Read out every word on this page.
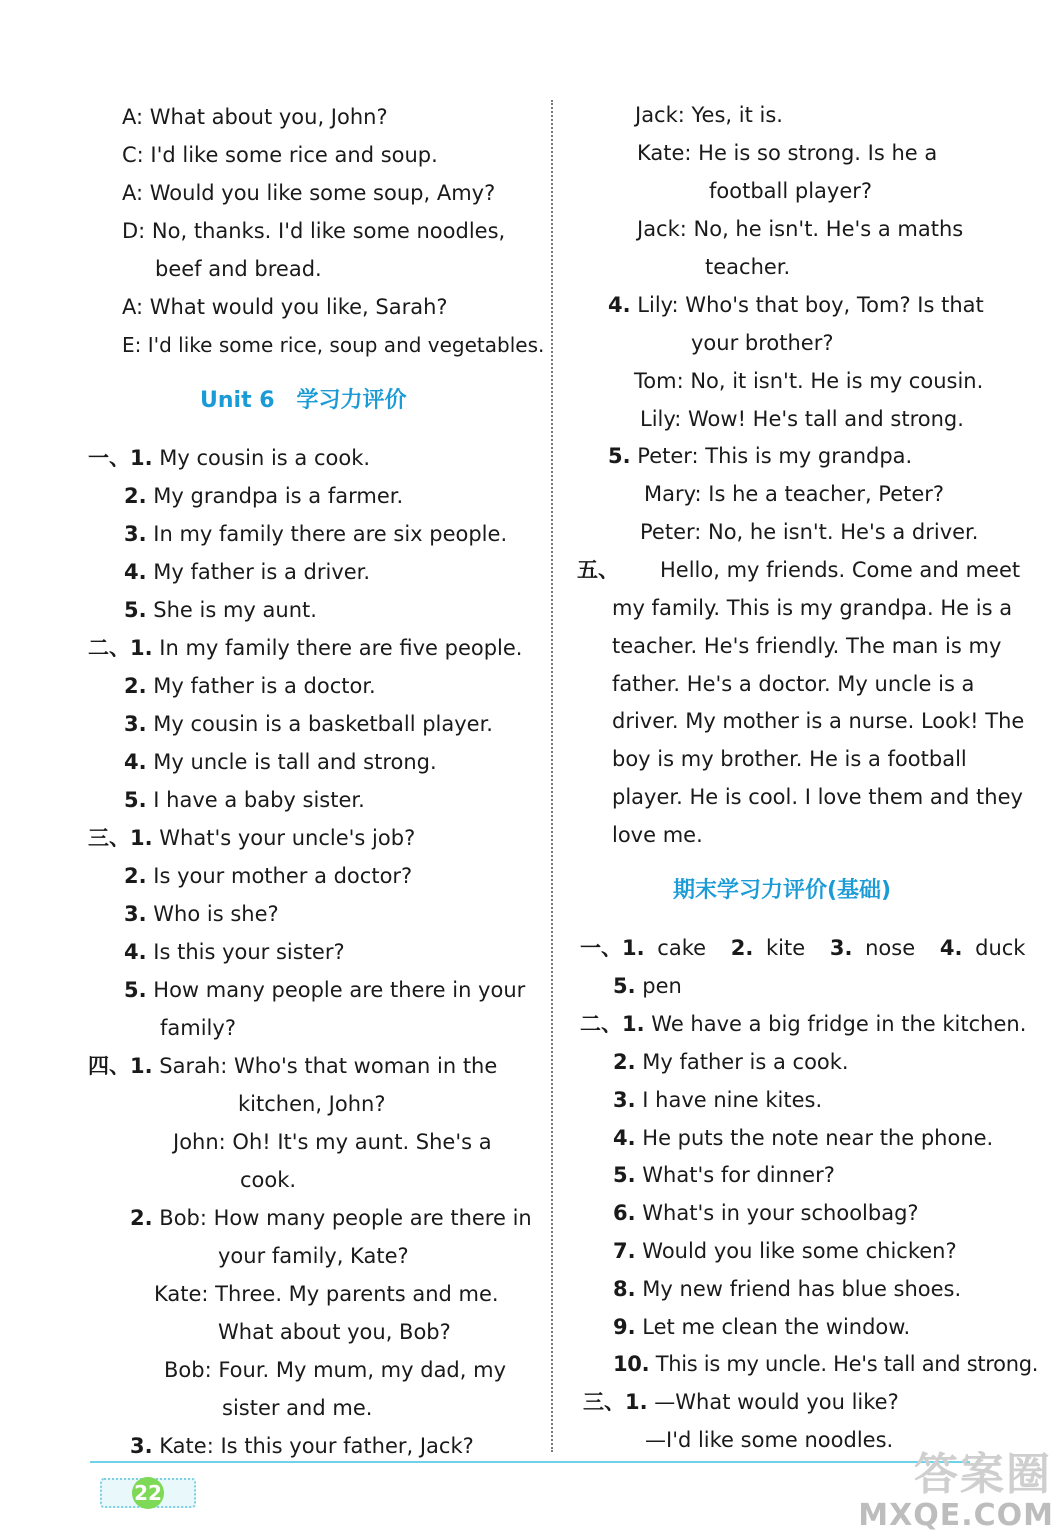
A: What about you, John?
C: I'd like some rice and soup.
A: Would you like some soup, Amy?
D: No, thanks. I'd like some noodles,
beef and bread.
A: What would you like, Sarah?
E: I'd like some rice, soup and vegetables.
Unit 6　学习力评价
一、1. My cousin is a cook.
2. My grandpa is a farmer.
3. In my family there are six people.
4. My father is a driver.
5. She is my aunt.
二、1. In my family there are five people.
2. My father is a doctor.
3. My cousin is a basketball player.
4. My uncle is tall and strong.
5. I have a baby sister.
三、1. What's your uncle's job?
2. Is your mother a doctor?
3. Who is she?
4. Is this your sister?
5. How many people are there in your
family?
四、1. Sarah: Who's that woman in the
kitchen, John?
John: Oh! It's my aunt. She's a
cook.
2. Bob: How many people are there in
your family, Kate?
Kate: Three. My parents and me.
What about you, Bob?
Bob: Four. My mum, my dad, my
sister and me.
3. Kate: Is this your father, Jack?
Jack: Yes, it is.
Kate: He is so strong. Is he a
football player?
Jack: No, he isn't. He's a maths
teacher.
4. Lily: Who's that boy, Tom? Is that
your brother?
Tom: No, it isn't. He is my cousin.
Lily: Wow! He's tall and strong.
5. Peter: This is my grandpa.
Mary: Is he a teacher, Peter?
Peter: No, he isn't. He's a driver.
五、 Hello, my friends. Come and meet
my family. This is my grandpa. He is a
teacher. He's friendly. The man is my
father. He's a doctor. My uncle is a
driver. My mother is a nurse. Look! The
boy is my brother. He is a football
player. He is cool. I love them and they
love me.
期末学习力评价(基础)
一、1. cake 2. kite 3. nose 4. duck
5. pen
二、1. We have a big fridge in the kitchen.
2. My father is a cook.
3. I have nine kites.
4. He puts the note near the phone.
5. What's for dinner?
6. What's in your schoolbag?
7. Would you like some chicken?
8. My new friend has blue shoes.
9. Let me clean the window.
10. This is my uncle. He's tall and strong.
三、1. —What would you like?
—I'd like some noodles.
22	答案圈
MXQE.COM
